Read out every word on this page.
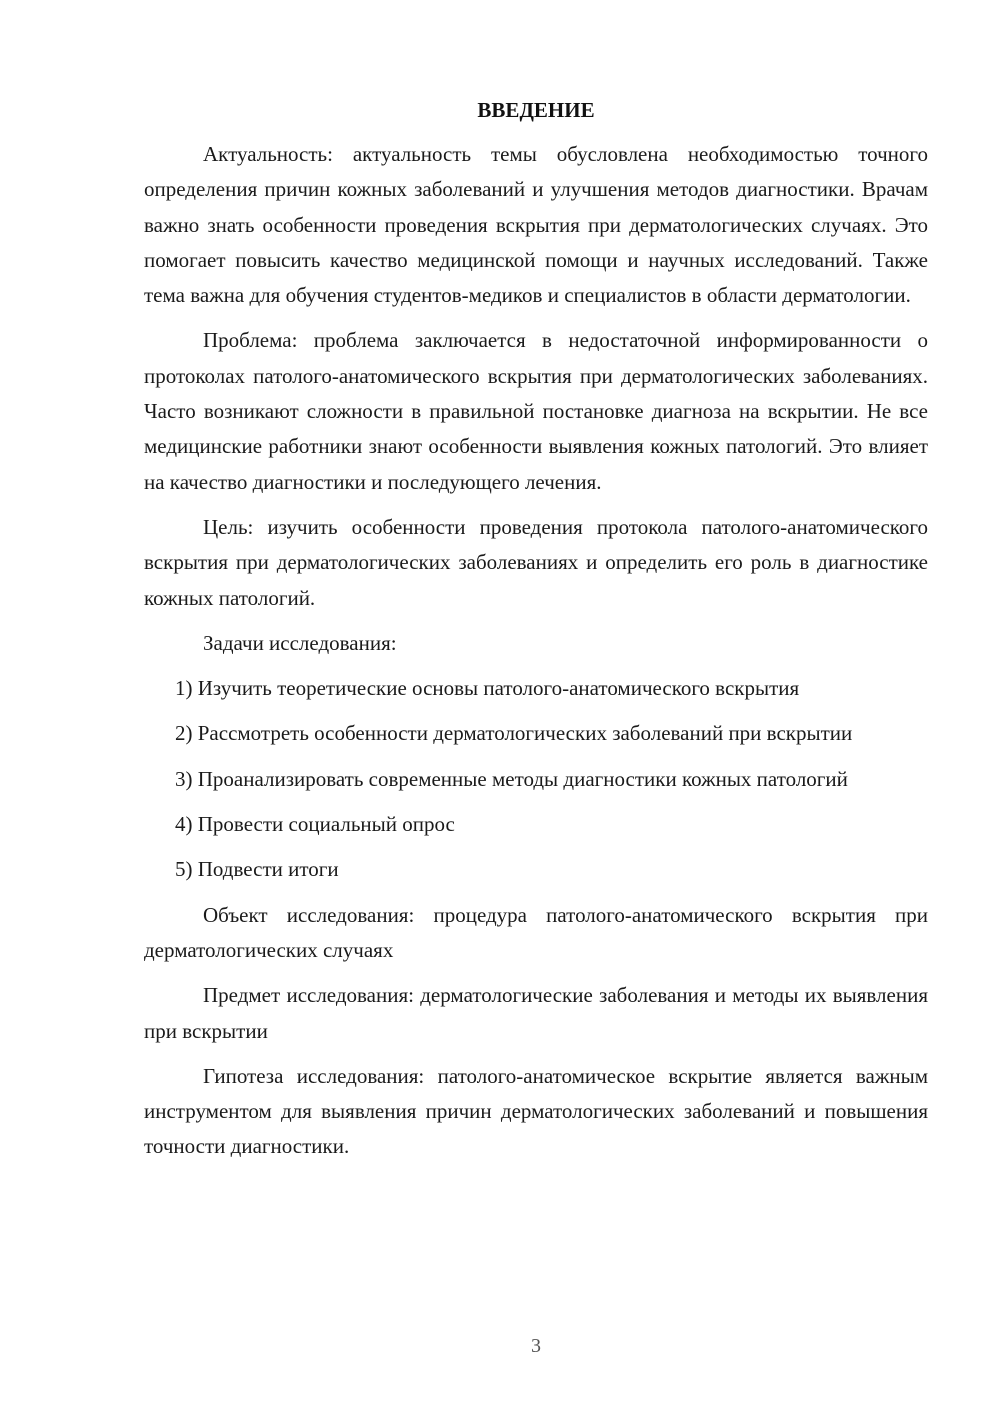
ВВЕДЕНИЕ

Актуальность: актуальность темы обусловлена необходимостью точного определения причин кожных заболеваний и улучшения методов диагностики. Врачам важно знать особенности проведения вскрытия при дерматологических случаях. Это помогает повысить качество медицинской помощи и научных исследований. Также тема важна для обучения студентов-медиков и специалистов в области дерматологии.

Проблема: проблема заключается в недостаточной информированности о протоколах патолого-анатомического вскрытия при дерматологических заболеваниях. Часто возникают сложности в правильной постановке диагноза на вскрытии. Не все медицинские работники знают особенности выявления кожных патологий. Это влияет на качество диагностики и последующего лечения.

Цель: изучить особенности проведения протокола патолого-анатомического вскрытия при дерматологических заболеваниях и определить его роль в диагностике кожных патологий.

Задачи исследования:

1) Изучить теоретические основы патолого-анатомического вскрытия

2) Рассмотреть особенности дерматологических заболеваний при вскрытии

3) Проанализировать современные методы диагностики кожных патологий

4) Провести социальный опрос

5) Подвести итоги

Объект исследования: процедура патолого-анатомического вскрытия при дерматологических случаях

Предмет исследования: дерматологические заболевания и методы их выявления при вскрытии

Гипотеза исследования: патолого-анатомическое вскрытие является важным инструментом для выявления причин дерматологических заболеваний и повышения точности диагностики.

3
